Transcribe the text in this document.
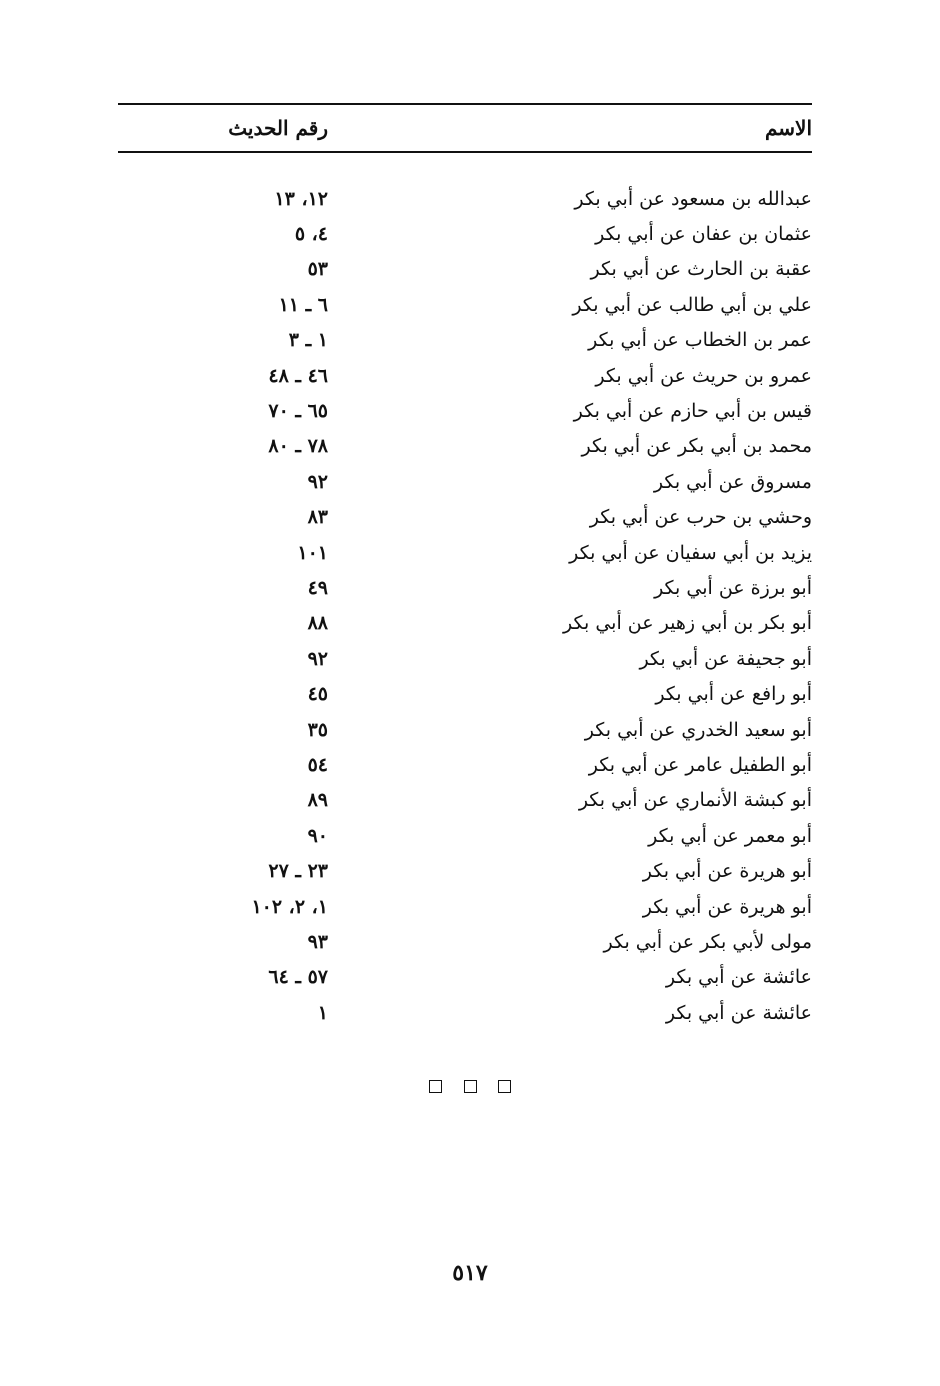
الاسم
رقم الحديث
عبدالله بن مسعود عن أبي بكر
١٢، ١٣
عثمان بن عفان عن أبي بكر
٤، ٥
عقبة بن الحارث عن أبي بكر
٥٣
علي بن أبي طالب عن أبي بكر
٦ ـ ١١
عمر بن الخطاب عن أبي بكر
١ ـ ٣
عمرو بن حريث عن أبي بكر
٤٦ ـ ٤٨
قيس بن أبي حازم عن أبي بكر
٦٥ ـ ٧٠
محمد بن أبي بكر عن أبي بكر
٧٨ ـ ٨٠
مسروق عن أبي بكر
٩٢
وحشي بن حرب عن أبي بكر
٨٣
يزيد بن أبي سفيان عن أبي بكر
١٠١
أبو برزة عن أبي بكر
٤٩
أبو بكر بن أبي زهير عن أبي بكر
٨٨
أبو جحيفة عن أبي بكر
٩٢
أبو رافع عن أبي بكر
٤٥
أبو سعيد الخدري عن أبي بكر
٣٥
أبو الطفيل عامر عن أبي بكر
٥٤
أبو كبشة الأنماري عن أبي بكر
٨٩
أبو معمر عن أبي بكر
٩٠
أبو هريرة عن أبي بكر
٢٣ ـ ٢٧
أبو هريرة عن أبي بكر
١، ٢، ١٠٢
مولى لأبي بكر عن أبي بكر
٩٣
عائشة عن أبي بكر
٥٧ ـ ٦٤
عائشة عن أبي بكر
١

٥١٧
